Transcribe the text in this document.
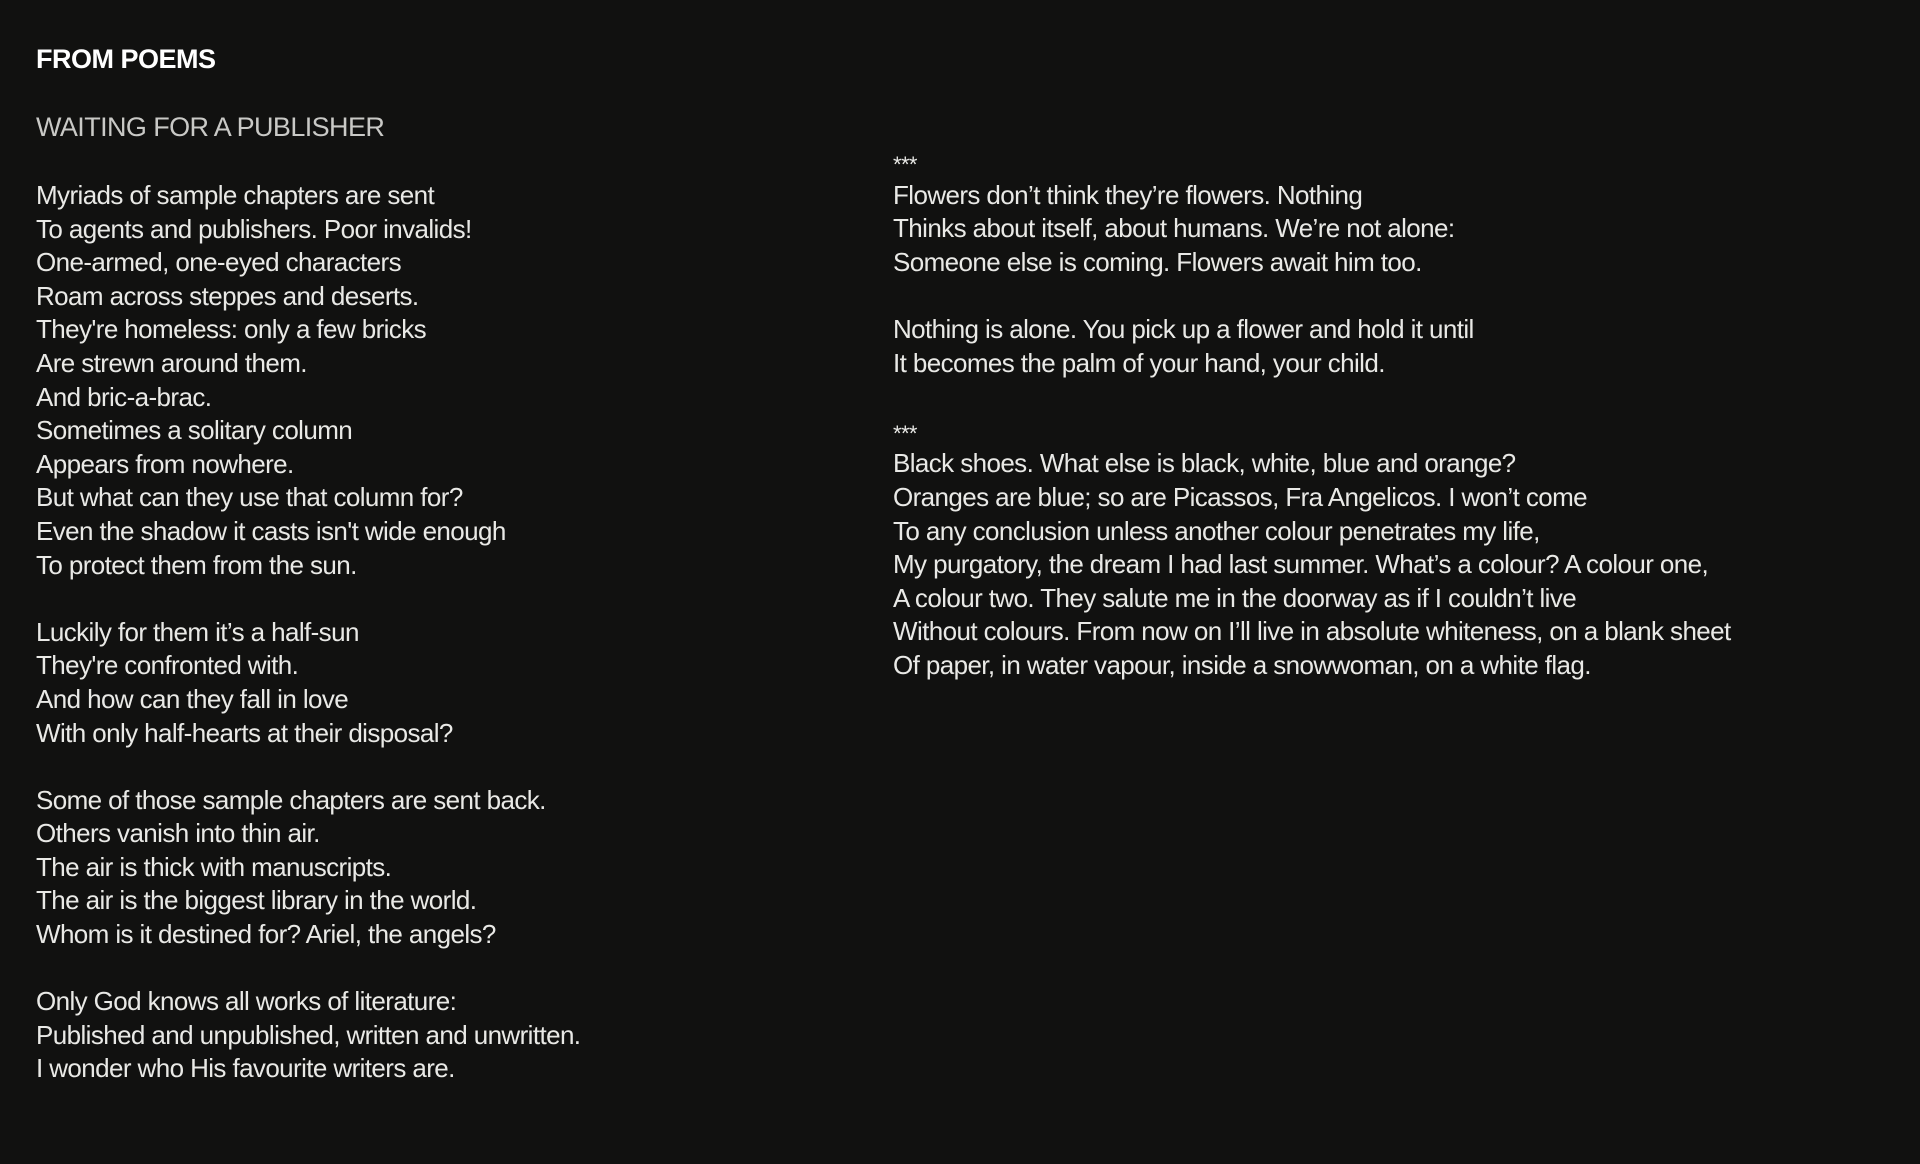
FROM POEMS
WAITING FOR A PUBLISHER
Myriads of sample chapters are sent
To agents and publishers. Poor invalids!
One-armed, one-eyed characters
Roam across steppes and deserts.
They're homeless: only a few bricks
Are strewn around them.
And bric-a-brac.
Sometimes a solitary column
Appears from nowhere.
But what can they use that column for?
Even the shadow it casts isn't wide enough
To protect them from the sun.
Luckily for them it’s a half-sun
They're confronted with.
And how can they fall in love
With only half-hearts at their disposal?
Some of those sample chapters are sent back.
Others vanish into thin air.
The air is thick with manuscripts.
The air is the biggest library in the world.
Whom is it destined for? Ariel, the angels?
Only God knows all works of literature:
Published and unpublished, written and unwritten.
I wonder who His favourite writers are.
***
Flowers don’t think they’re flowers. Nothing
Thinks about itself, about humans. We’re not alone:
Someone else is coming. Flowers await him too.
Nothing is alone. You pick up a flower and hold it until
It becomes the palm of your hand, your child.
***
Black shoes. What else is black, white, blue and orange?
Oranges are blue; so are Picassos, Fra Angelicos. I won’t come
To any conclusion unless another colour penetrates my life,
My purgatory, the dream I had last summer. What’s a colour? A colour one,
A colour two. They salute me in the doorway as if I couldn’t live
Without colours. From now on I’ll live in absolute whiteness, on a blank sheet
Of paper, in water vapour, inside a snowwoman, on a white flag.
